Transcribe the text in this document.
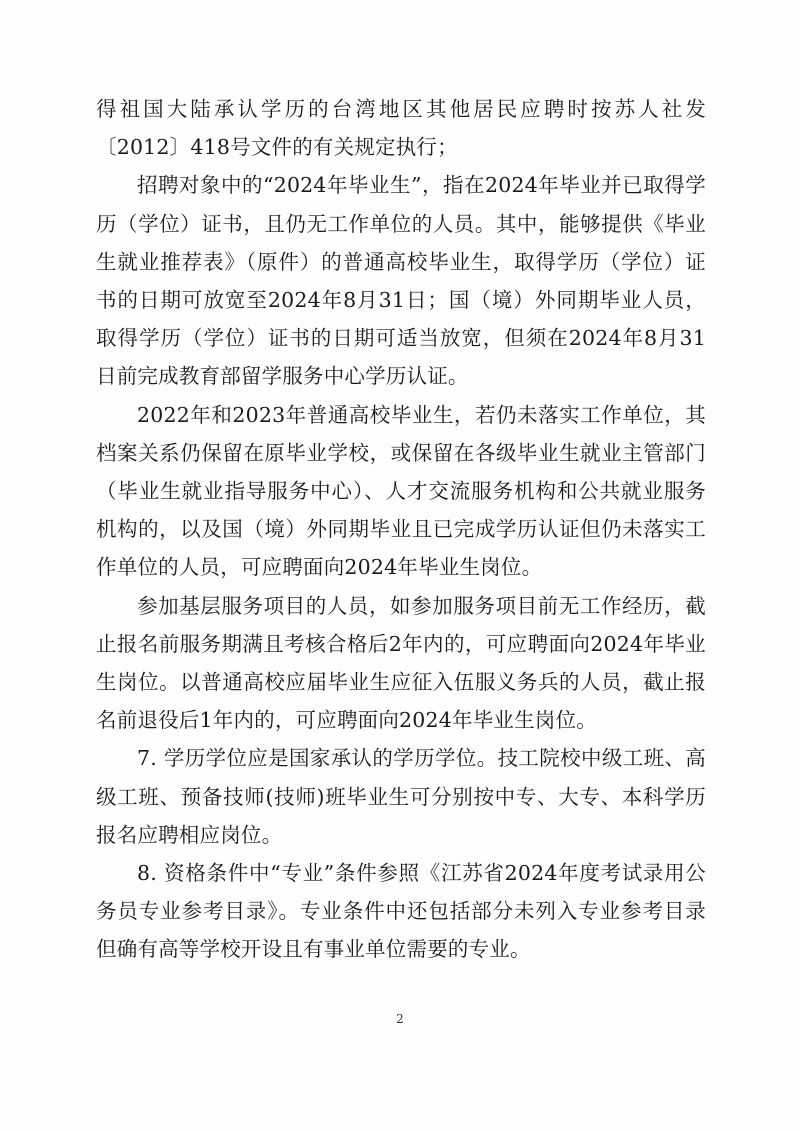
得祖国大陆承认学历的台湾地区其他居民应聘时按苏人社发〔2012〕418号文件的有关规定执行；

招聘对象中的“2024年毕业生”，指在2024年毕业并已取得学历（学位）证书，且仍无工作单位的人员。其中，能够提供《毕业生就业推荐表》（原件）的普通高校毕业生，取得学历（学位）证书的日期可放宽至2024年8月31日；国（境）外同期毕业人员，取得学历（学位）证书的日期可适当放宽，但须在2024年8月31日前完成教育部留学服务中心学历认证。

2022年和2023年普通高校毕业生，若仍未落实工作单位，其档案关系仍保留在原毕业学校，或保留在各级毕业生就业主管部门（毕业生就业指导服务中心）、人才交流服务机构和公共就业服务机构的，以及国（境）外同期毕业且已完成学历认证但仍未落实工作单位的人员，可应聘面向2024年毕业生岗位。

参加基层服务项目的人员，如参加服务项目前无工作经历，截止报名前服务期满且考核合格后2年内的，可应聘面向2024年毕业生岗位。以普通高校应届毕业生应征入伍服义务兵的人员，截止报名前退役后1年内的，可应聘面向2024年毕业生岗位。

7. 学历学位应是国家承认的学历学位。技工院校中级工班、高级工班、预备技师(技师)班毕业生可分别按中专、大专、本科学历报名应聘相应岗位。

8. 资格条件中“专业”条件参照《江苏省2024年度考试录用公务员专业参考目录》。专业条件中还包括部分未列入专业参考目录但确有高等学校开设且有事业单位需要的专业。

2
